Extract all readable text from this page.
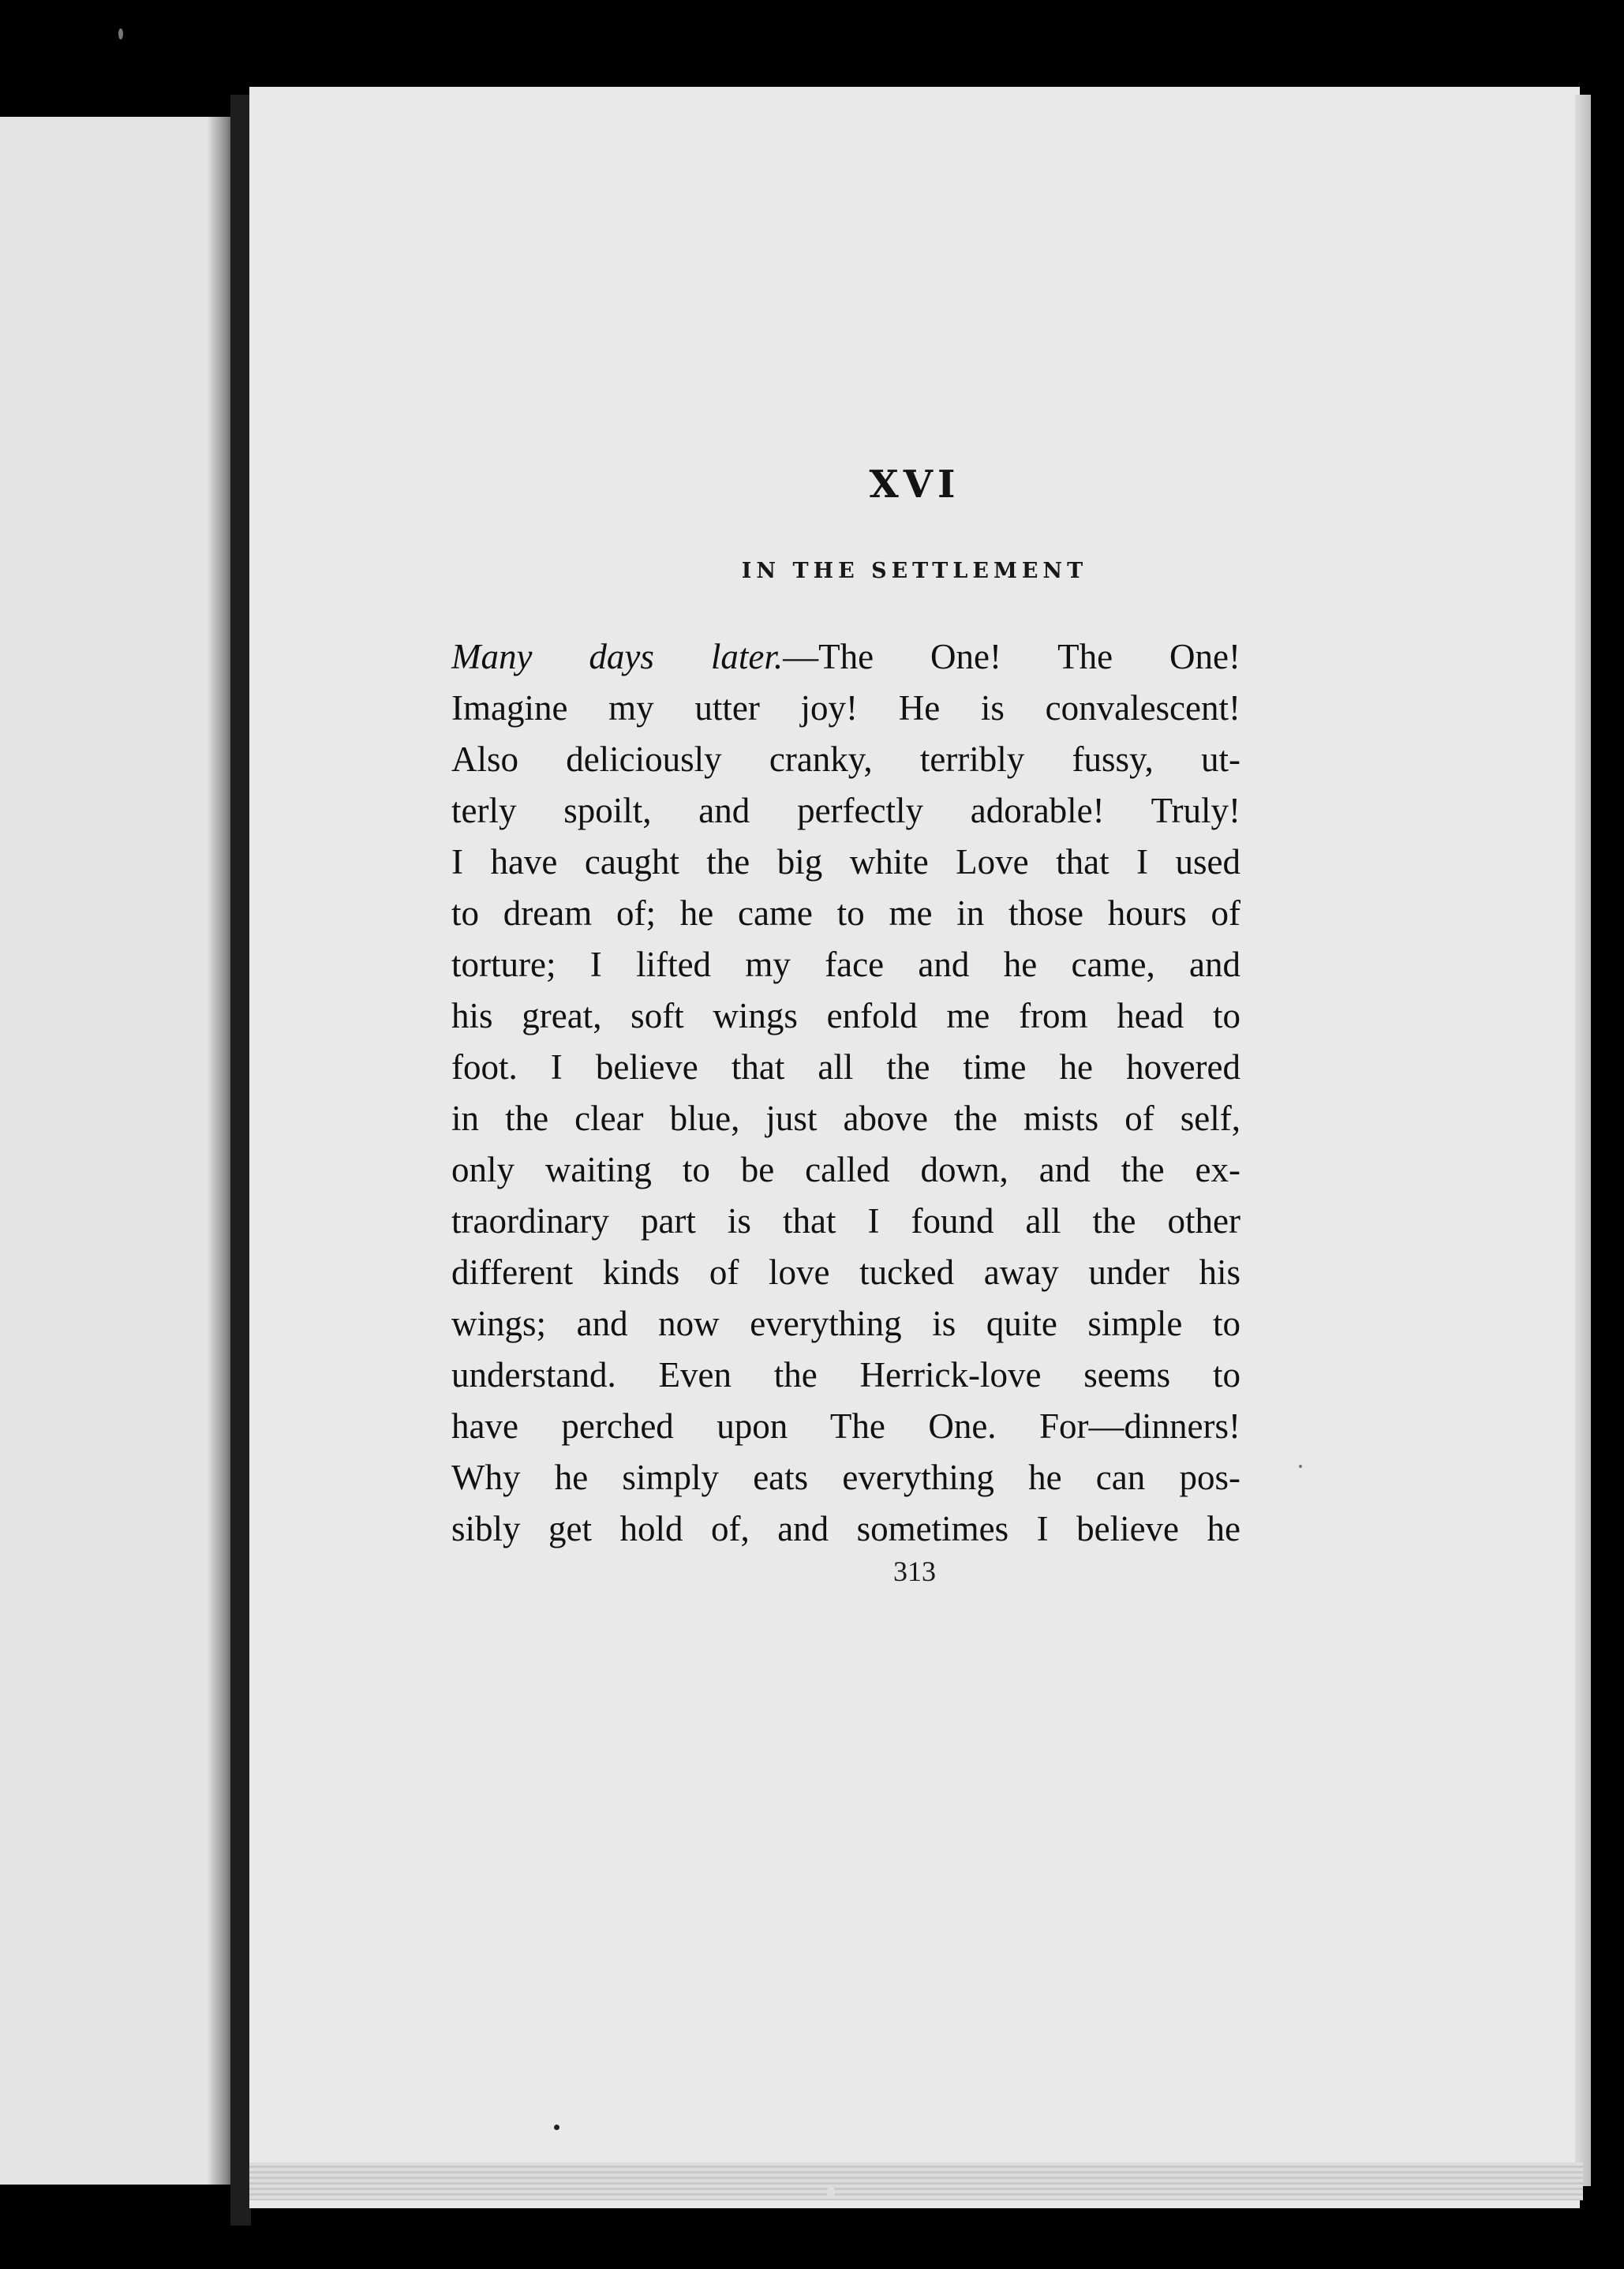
XVI
IN THE SETTLEMENT
Many days later.—The One! The One!
Imagine my utter joy! He is convalescent!
Also deliciously cranky, terribly fussy, ut-
terly spoilt, and perfectly adorable! Truly!
I have caught the big white Love that I used
to dream of; he came to me in those hours of
torture; I lifted my face and he came, and
his great, soft wings enfold me from head to
foot. I believe that all the time he hovered
in the clear blue, just above the mists of self,
only waiting to be called down, and the ex-
traordinary part is that I found all the other
different kinds of love tucked away under his
wings; and now everything is quite simple to
understand. Even the Herrick-love seems to
have perched upon The One. For—dinners!
Why he simply eats everything he can pos-
sibly get hold of, and sometimes I believe he
313
